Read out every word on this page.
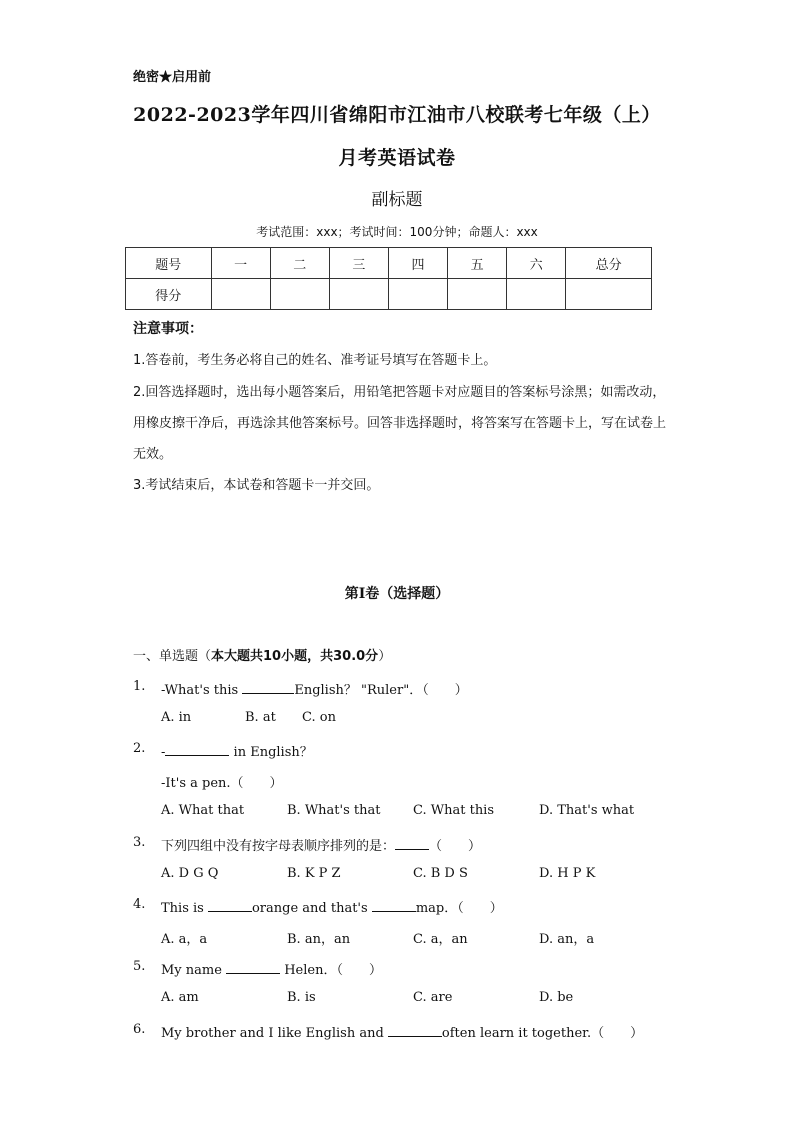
绝密★启用前
2022-2023学年四川省绵阳市江油市八校联考七年级（上）
月考英语试卷
副标题
考试范围：xxx；考试时间：100分钟；命题人：xxx
题号	一	二	三	四	五	六	总分
得分							
注意事项：
1.答卷前，考生务必将自己的姓名、准考证号填写在答题卡上。
2.回答选择题时，选出每小题答案后，用铅笔把答题卡对应题目的答案标号涂黑；如需改动，用橡皮擦干净后，再选涂其他答案标号。回答非选择题时，将答案写在答题卡上，写在试卷上无效。
3.考试结束后，本试卷和答题卡一并交回。
第I卷（选择题）
一、单选题（本大题共10小题，共30.0分）
1. -What's this	English？ "Ruler"．（　　）
A. in	B. at C. on
2. -	in English？
-It's a pen.（　　）
A. What that	B. What's that	C. What this	D. That's what
3. 下列四组中没有按字母表顺序排列的是：	（　　）
A. D G Q	B. K P Z	C. B D S	D. H P K
4. This is	orange and that's	map．（　　）
A. a，a	B. an，an	C. a，an	D. an，a
5. My name	Helen．（　　）
A. am	B. is	C. are	D. be
6. My brother and I like English and	often learn it together.（　　）
